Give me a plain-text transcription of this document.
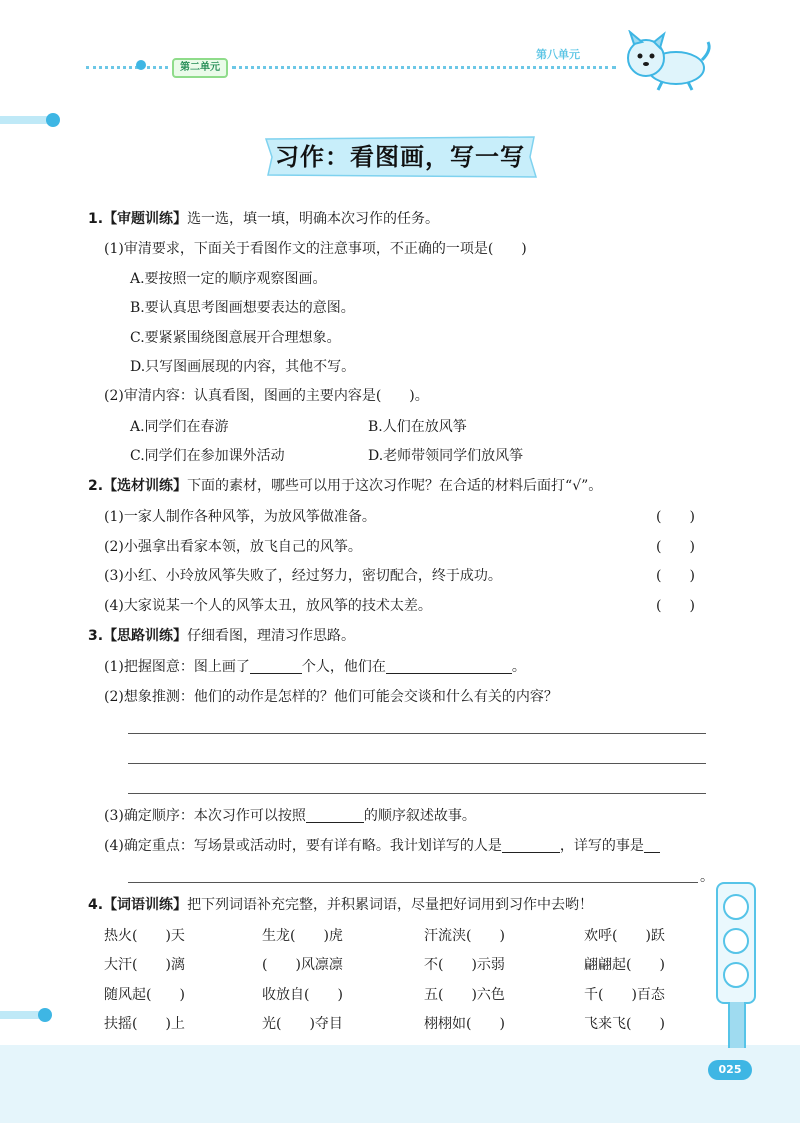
第二单元
第八单元
习作：看图画，写一写
1.【审题训练】选一选，填一填，明确本次习作的任务。
(1)审清要求，下面关于看图作文的注意事项，不正确的一项是(　　)
A.要按照一定的顺序观察图画。
B.要认真思考图画想要表达的意图。
C.要紧紧围绕图意展开合理想象。
D.只写图画展现的内容，其他不写。
(2)审清内容：认真看图，图画的主要内容是(　　)。
A.同学们在春游	B.人们在放风筝
C.同学们在参加课外活动	D.老师带领同学们放风筝
2.【选材训练】下面的素材，哪些可以用于这次习作呢？在合适的材料后面打“√”。
(1)一家人制作各种风筝，为放风筝做准备。	(　　)
(2)小强拿出看家本领，放飞自己的风筝。	(　　)
(3)小红、小玲放风筝失败了，经过努力，密切配合，终于成功。	(　　)
(4)大家说某一个人的风筝太丑，放风筝的技术太差。	(　　)
3.【思路训练】仔细看图，理清习作思路。
(1)把握图意：图上画了	个人，他们在	。
(2)想象推测：他们的动作是怎样的？他们可能会交谈和什么有关的内容？
(3)确定顺序：本次习作可以按照	的顺序叙述故事。
(4)确定重点：写场景或活动时，要有详有略。我计划详写的人是	，详写的事是
。
4.【词语训练】把下列词语补充完整，并积累词语，尽量把好词用到习作中去哟！
热火(　　)天	生龙(　　)虎	汗流浃(　　)	欢呼(　　)跃
大汗(　　)漓	(　　)风凛凛	不(　　)示弱	翩翩起(　　)
随风起(　　)	收放自(　　)	五(　　)六色	千(　　)百态
扶摇(　　)上	光(　　)夺目	栩栩如(　　)	飞来飞(　　)
025
